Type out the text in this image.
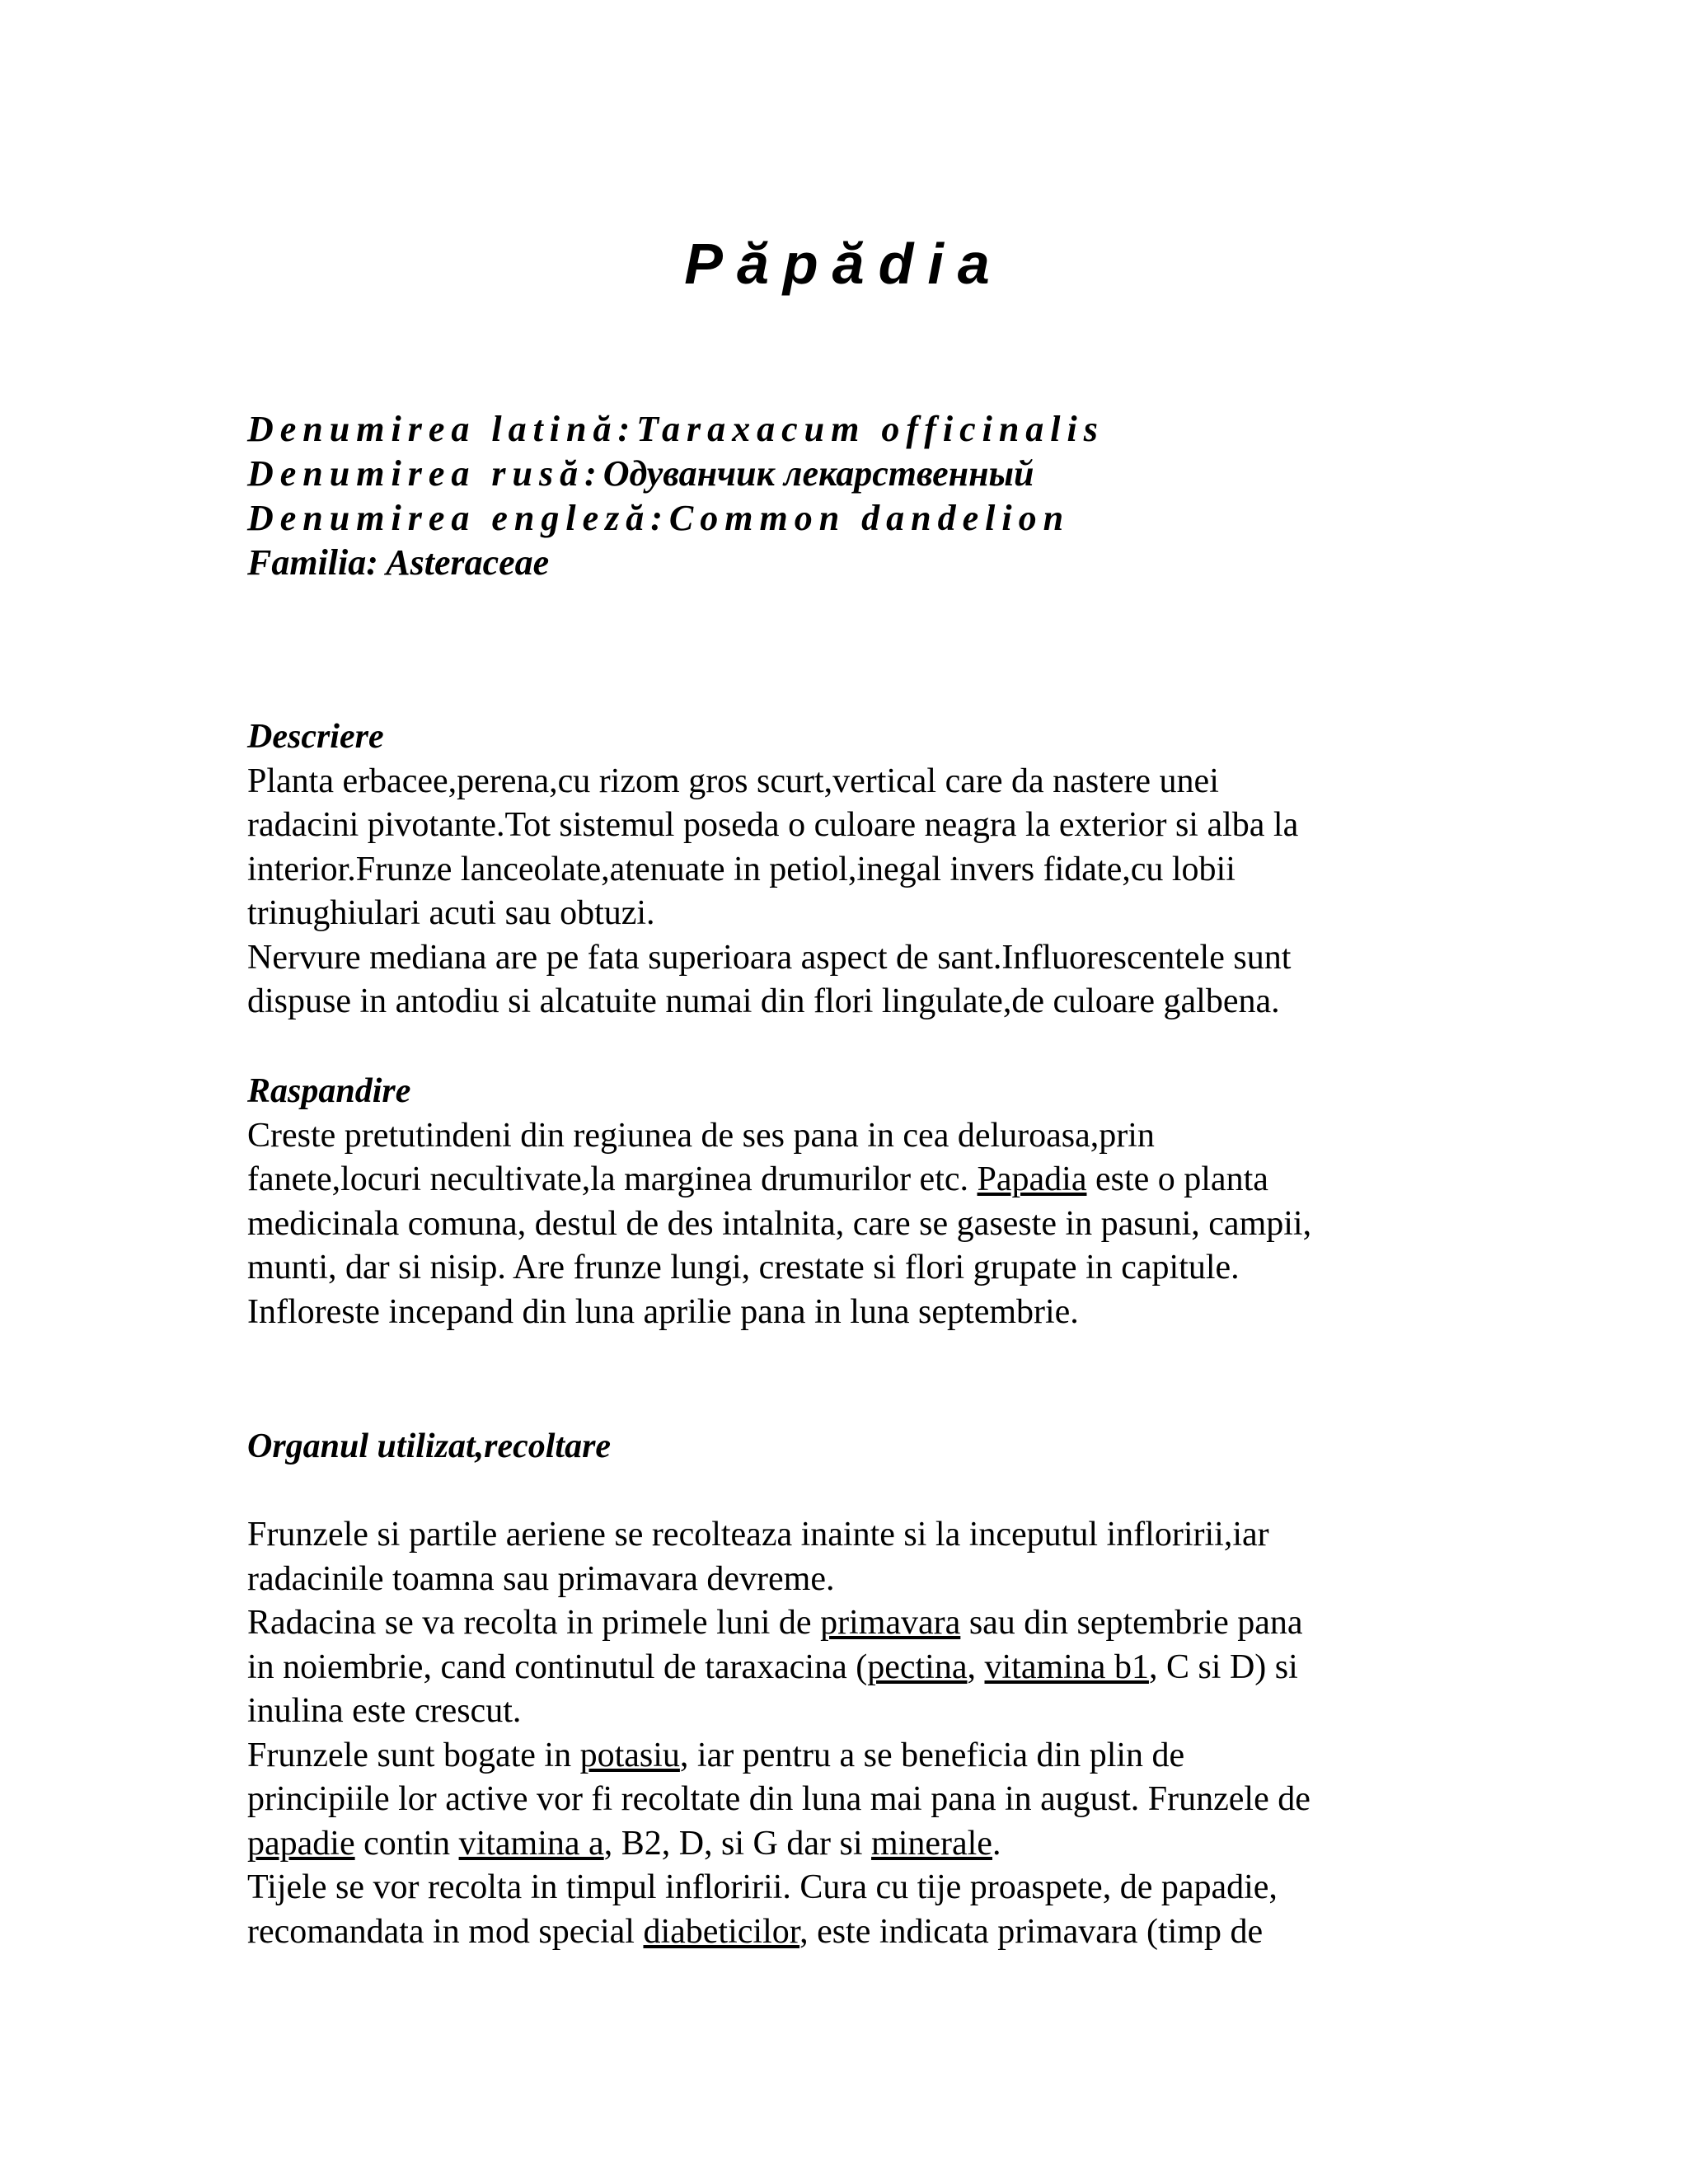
Păpădia
Denumirea latină:Taraxacum officinalis
Denumirea rusă:Одуванчик лекарственный
Denumirea engleză:Common dandelion
Familia: Asteraceae

Descriere

Planta erbacee,perena,cu rizom gros scurt,vertical care da nastere unei
radacini pivotante.Tot sistemul poseda o culoare neagra la exterior si alba la
interior.Frunze lanceolate,atenuate in petiol,inegal invers fidate,cu lobii
trinughiulari acuti sau obtuzi.
Nervure mediana are pe fata superioara aspect de sant.Influorescentele sunt
dispuse in antodiu si alcatuite numai din flori lingulate,de culoare galbena.

Raspandire

Creste pretutindeni din regiunea de ses pana in cea deluroasa,prin
fanete,locuri necultivate,la marginea drumurilor etc. Papadia este o planta
medicinala comuna, destul de des intalnita, care se gaseste in pasuni, campii,
munti, dar si nisip. Are frunze lungi, crestate si flori grupate in capitule.
Infloreste incepand din luna aprilie pana in luna septembrie.

Organul utilizat,recoltare

Frunzele si partile aeriene se recolteaza inainte si la inceputul infloririi,iar
radacinile toamna sau primavara devreme.
Radacina se va recolta in primele luni de primavara sau din septembrie pana
in noiembrie, cand continutul de taraxacina (pectina, vitamina b1, C si D) si
inulina este crescut.
Frunzele sunt bogate in potasiu, iar pentru a se beneficia din plin de
principiile lor active vor fi recoltate din luna mai pana in august. Frunzele de
papadie contin vitamina a, B2, D, si G dar si minerale.
Tijele se vor recolta in timpul infloririi. Cura cu tije proaspete, de papadie,
recomandata in mod special diabeticilor, este indicata primavara (timp de
